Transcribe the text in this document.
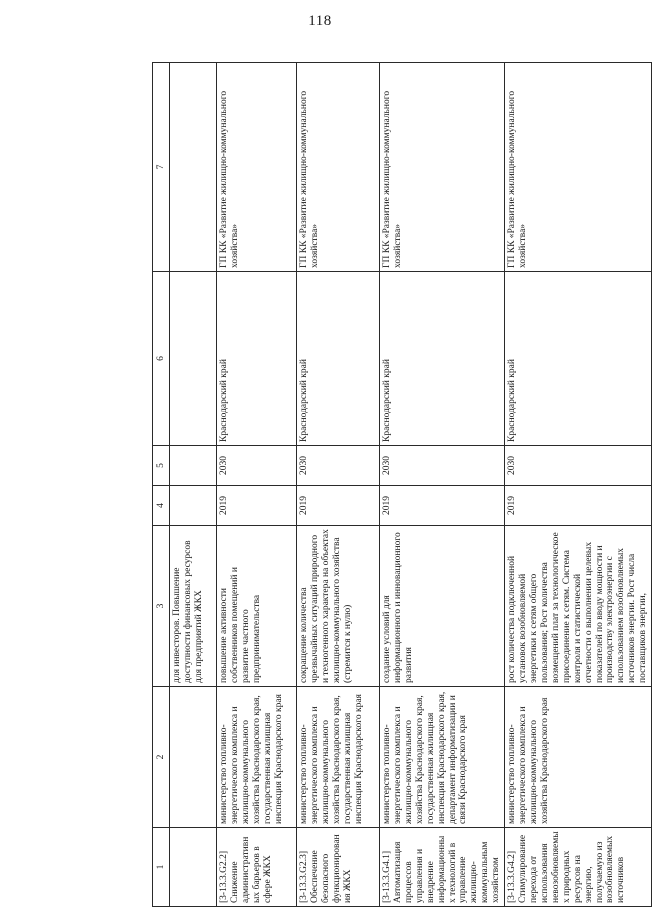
118
1	2	3	4	5	6	7
		для инвесторов. Повышение доступности финансовых ресурсов для предприятий ЖКХ				
[3-13.3.G2.2] Снижение административных барьеров в сфере ЖКХ	министерство топливно-энергетического комплекса и жилищно-коммунального хозяйства Краснодарского края, государственная жилищная инспекция Краснодарского края	повышение активности собственников помещений и развитие частного предпринимательства	2019	2030	Краснодарский край	ГП КК «Развитие жилищно-коммунального хозяйства»
[3-13.3.G2.3] Обеспечение безопасного функционирования ЖКХ	министерство топливно-энергетического комплекса и жилищно-коммунального хозяйства Краснодарского края, государственная жилищная инспекция Краснодарского края	сокращение количества чрезвычайных ситуаций природного и техногенного характера на объектах жилищно-коммунального хозяйства (стремится к нулю)	2019	2030	Краснодарский край	ГП КК «Развитие жилищно-коммунального хозяйства»
[3-13.3.G4.1] Автоматизация процессов управления и внедрение информационных технологий в управление жилищно-коммунальным хозяйством	министерство топливно-энергетического комплекса и жилищно-коммунального хозяйства Краснодарского края, государственная жилищная инспекция Краснодарского края, департамент информатизации и связи Краснодарского края	создание условий для информационного и инновационного развития	2019	2030	Краснодарский край	ГП КК «Развитие жилищно-коммунального хозяйства»
[3-13.3.G4.2] Стимулирование перехода от использования невозобновляемых природных ресурсов на энергию, получаемую из возобновляемых источников	министерство топливно-энергетического комплекса и жилищно-коммунального хозяйства Краснодарского края	рост количества подключенной установок возобновляемой энергетики к сетям общего пользования; Рост количества возмещений плат за технологическое присоединение к сетям. Система контроля и статистической отчетности о выполнении целевых показателей по вводу мощности и производству электроэнергии с использованием возобновляемых источников энергии. Рост числа поставщиков энергии,	2019	2030	Краснодарский край	ГП КК «Развитие жилищно-коммунального хозяйства»
